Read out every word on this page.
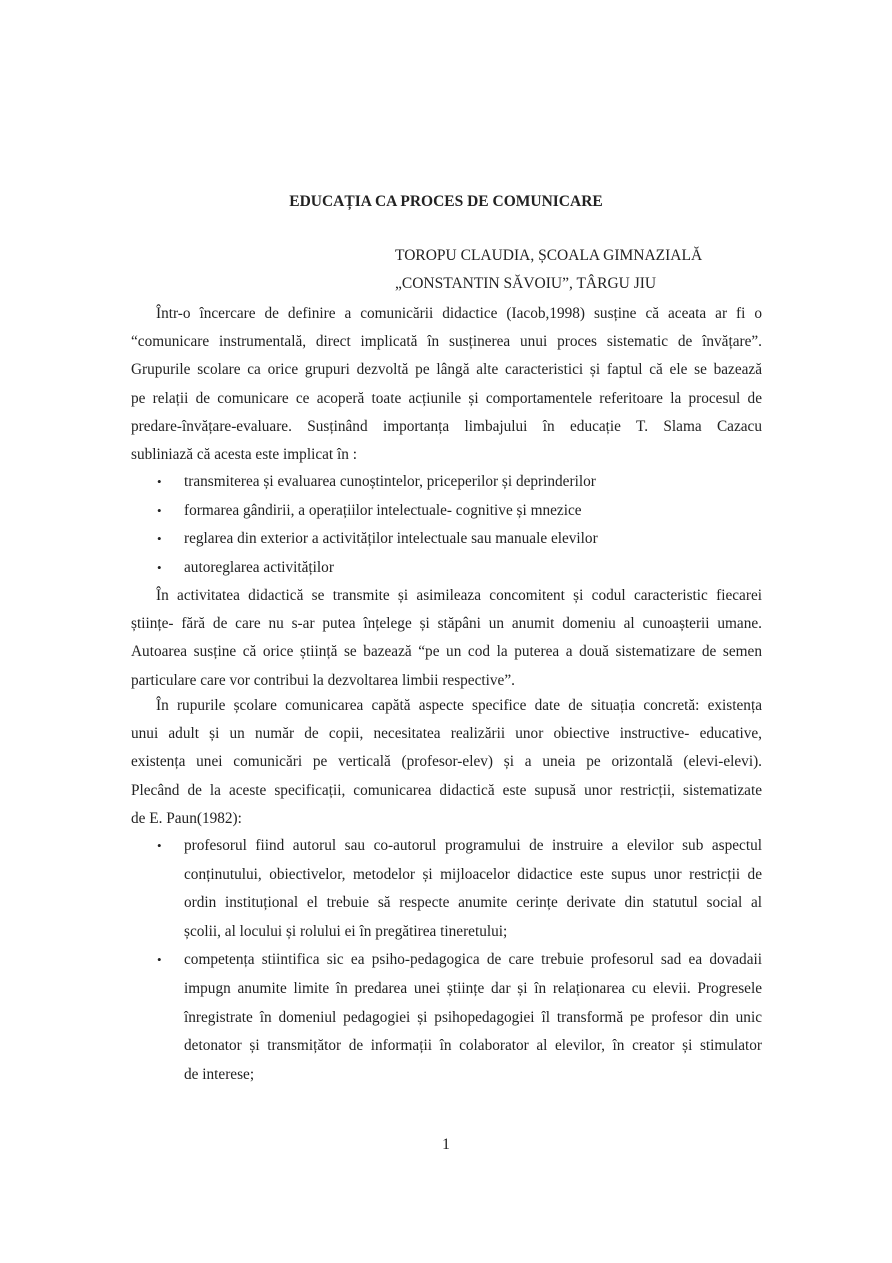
EDUCAȚIA CA PROCES DE COMUNICARE
TOROPU CLAUDIA, ȘCOALA GIMNAZIALĂ
„CONSTANTIN SĂVOIU”, TÂRGU JIU
Într-o încercare de definire a comunicării didactice (Iacob,1998) susține că aceata ar fi o
“comunicare instrumentală, direct implicată în susținerea unui proces sistematic de învățare”.
Grupurile scolare ca orice grupuri dezvoltă pe lângă alte caracteristici și faptul că ele se bazează
pe relații de comunicare ce acoperă toate acțiunile și comportamentele referitoare la procesul de
predare-învățare-evaluare. Susținând importanța limbajului în educație T. Slama Cazacu
subliniază că acesta este implicat în :
• transmiterea și evaluarea cunoștintelor, priceperilor și deprinderilor
• formarea gândirii, a operațiilor intelectuale- cognitive și mnezice
• reglarea din exterior a activităților intelectuale sau manuale elevilor
• autoreglarea activităților
În activitatea didactică se transmite și asimileaza concomitent și codul caracteristic fiecarei
științe- fără de care nu s-ar putea înțelege și stăpâni un anumit domeniu al cunoașterii umane.
Autoarea susține că orice știință se bazează “pe un cod la puterea a două sistematizare de semen
particulare care vor contribui la dezvoltarea limbii respective”.
În rupurile școlare comunicarea capătă aspecte specifice date de situația concretă: existența
unui adult și un număr de copii, necesitatea realizării unor obiective instructive- educative,
existența unei comunicări pe verticală (profesor-elev) și a uneia pe orizontală (elevi-elevi).
Plecând de la aceste specificații, comunicarea didactică este supusă unor restricții, sistematizate
de E. Paun(1982):
• profesorul fiind autorul sau co-autorul programului de instruire a elevilor sub aspectul
conținutului, obiectivelor, metodelor și mijloacelor didactice este supus unor restricții de
ordin instituțional el trebuie să respecte anumite cerințe derivate din statutul social al
școlii, al locului și rolului ei în pregătirea tineretului;
• competența stiintifica sic ea psiho-pedagogica de care trebuie profesorul sad ea dovadaii
impugn anumite limite în predarea unei științe dar și în relaționarea cu elevii. Progresele
înregistrate în domeniul pedagogiei și psihopedagogiei îl transformă pe profesor din unic
detonator și transmițător de informații în colaborator al elevilor, în creator și stimulator
de interese;
1
